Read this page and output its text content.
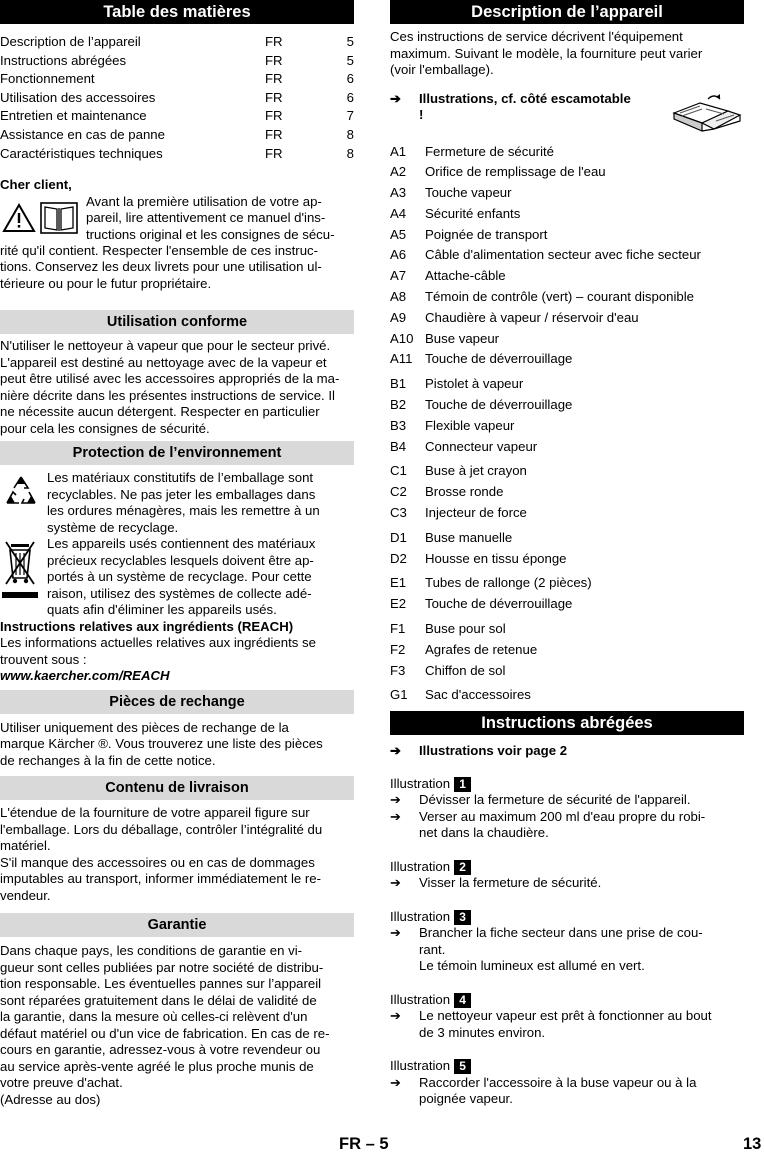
Table des matières
Description de l’appareil	FR	5
Instructions abrégées	FR	5
Fonctionnement	FR	6
Utilisation des accessoires	FR	6
Entretien et maintenance	FR	7
Assistance en cas de panne	FR	8
Caractéristiques techniques	FR	8
Cher client,
Avant la première utilisation de votre ap-
pareil, lire attentivement ce manuel d'ins-
tructions original et les consignes de sécu-
rité qu'il contient. Respecter l'ensemble de ces instruc-
tions. Conservez les deux livrets pour une utilisation ul-
térieure ou pour le futur propriétaire.
Utilisation conforme
N'utiliser le nettoyeur à vapeur que pour le secteur privé.
L'appareil est destiné au nettoyage avec de la vapeur et
peut être utilisé avec les accessoires appropriés de la ma-
nière décrite dans les présentes instructions de service. Il
ne nécessite aucun détergent. Respecter en particulier
pour cela les consignes de sécurité.
Protection de l’environnement
Les matériaux constitutifs de l’emballage sont
recyclables. Ne pas jeter les emballages dans
les ordures ménagères, mais les remettre à un
système de recyclage.
Les appareils usés contiennent des matériaux
précieux recyclables lesquels doivent être ap-
portés à un système de recyclage. Pour cette
raison, utilisez des systèmes de collecte adé-
quats afin d'éliminer les appareils usés.
Instructions relatives aux ingrédients (REACH)
Les informations actuelles relatives aux ingrédients se
trouvent sous :
www.kaercher.com/REACH
Pièces de rechange
Utiliser uniquement des pièces de rechange de la
marque Kärcher ®. Vous trouverez une liste des pièces
de rechanges à la fin de cette notice.
Contenu de livraison
L'étendue de la fourniture de votre appareil figure sur
l'emballage. Lors du déballage, contrôler l’intégralité du
matériel.
S'il manque des accessoires ou en cas de dommages
imputables au transport, informer immédiatement le re-
vendeur.
Garantie
Dans chaque pays, les conditions de garantie en vi-
gueur sont celles publiées par notre société de distribu-
tion responsable. Les éventuelles pannes sur l’appareil
sont réparées gratuitement dans le délai de validité de
la garantie, dans la mesure où celles-ci relèvent d'un
défaut matériel ou d'un vice de fabrication. En cas de re-
cours en garantie, adressez-vous à votre revendeur ou
au service après-vente agréé le plus proche munis de
votre preuve d'achat.
(Adresse au dos)
Description de l’appareil
Ces instructions de service décrivent l'équipement
maximum. Suivant le modèle, la fourniture peut varier
(voir l'emballage).
➔	Illustrations, cf. côté escamotable
!
A1	Fermeture de sécurité
A2	Orifice de remplissage de l'eau
A3	Touche vapeur
A4	Sécurité enfants
A5	Poignée de transport
A6	Câble d'alimentation secteur avec fiche secteur
A7	Attache-câble
A8	Témoin de contrôle (vert) – courant disponible
A9	Chaudière à vapeur / réservoir d'eau
A10 Buse vapeur
A11 Touche de déverrouillage
B1	Pistolet à vapeur
B2	Touche de déverrouillage
B3	Flexible vapeur
B4	Connecteur vapeur
C1	Buse à jet crayon
C2	Brosse ronde
C3	Injecteur de force
D1	Buse manuelle
D2	Housse en tissu éponge
E1	Tubes de rallonge (2 pièces)
E2	Touche de déverrouillage
F1	Buse pour sol
F2	Agrafes de retenue
F3	Chiffon de sol
G1	Sac d'accessoires
Instructions abrégées
➔	Illustrations voir page 2
Illustration 1
➔	Dévisser la fermeture de sécurité de l'appareil.
➔	Verser au maximum 200 ml d'eau propre du robi-
net dans la chaudière.
Illustration 2
➔	Visser la fermeture de sécurité.
Illustration 3
➔	Brancher la fiche secteur dans une prise de cou-
rant.
Le témoin lumineux est allumé en vert.
Illustration 4
➔	Le nettoyeur vapeur est prêt à fonctionner au bout
de 3 minutes environ.
Illustration 5
➔	Raccorder l'accessoire à la buse vapeur ou à la
poignée vapeur.
FR – 5	13
